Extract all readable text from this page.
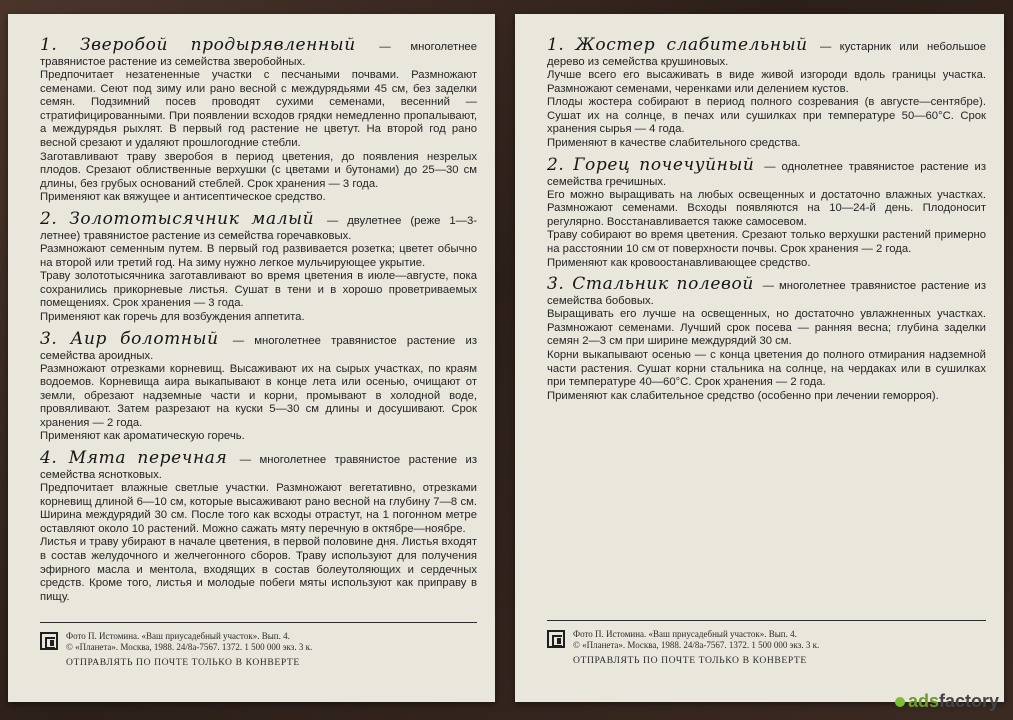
1. Зверобой продырявленный — многолетнее травянистое растение из семейства зверобойных.

Предпочитает незатененные участки с песчаными почвами. Размножают семенами. Сеют под зиму или рано весной с междурядьями 45 см, без заделки семян. Подзимний посев проводят сухими семенами, весенний — стратифицированными. При появлении всходов грядки немедленно пропалывают, а междурядья рыхлят. В первый год растение не цветут. На второй год рано весной срезают и удаляют прошлогодние стебли.

Заготавливают траву зверобоя в период цветения, до появления незрелых плодов. Срезают облиственные верхушки (с цветами и бутонами) до 25—30 см длины, без грубых оснований стеблей. Срок хранения — 3 года.

Применяют как вяжущее и антисептическое средство.

2. Золототысячник малый — двулетнее (реже 1—3-летнее) травянистое растение из семейства горечавковых.

Размножают семенным путем. В первый год развивается розетка; цветет обычно на второй или третий год. На зиму нужно легкое мульчирующее укрытие.

Траву золототысячника заготавливают во время цветения в июле—августе, пока сохранились прикорневые листья. Сушат в тени и в хорошо проветриваемых помещениях. Срок хранения — 3 года.

Применяют как горечь для возбуждения аппетита.

3. Аир болотный — многолетнее травянистое растение из семейства ароидных.

Размножают отрезками корневищ. Высаживают их на сырых участках, по краям водоемов. Корневища аира выкапывают в конце лета или осенью, очищают от земли, обрезают надземные части и корни, промывают в холодной воде, провяливают. Затем разрезают на куски 5—30 см длины и досушивают. Срок хранения — 2 года.

Применяют как ароматическую горечь.

4. Мята перечная — многолетнее травянистое растение из семейства яснотковых.

Предпочитает влажные светлые участки. Размножают вегетативно, отрезками корневищ длиной 6—10 см, которые высаживают рано весной на глубину 7—8 см. Ширина междурядий 30 см. После того как всходы отрастут, на 1 погонном метре оставляют около 10 растений. Можно сажать мяту перечную в октябре—ноябре.

Листья и траву убирают в начале цветения, в первой половине дня. Листья входят в состав желудочного и желчегонного сборов. Траву используют для получения эфирного масла и ментола, входящих в состав болеутоляющих и сердечных средств. Кроме того, листья и молодые побеги мяты используют как приправу в пищу.

Фото П. Истомина. «Ваш приусадебный участок». Вып. 4.
© «Планета». Москва, 1988. 24/8а-7567. 1372. 1 500 000 экз. 3 к.
ОТПРАВЛЯТЬ ПО ПОЧТЕ ТОЛЬКО В КОНВЕРТЕ
1. Жостер слабительный — кустарник или небольшое дерево из семейства крушиновых.

Лучше всего его высаживать в виде живой изгороди вдоль границы участка. Размножают семенами, черенками или делением кустов.

Плоды жостера собирают в период полного созревания (в августе—сентябре). Сушат их на солнце, в печах или сушилках при температуре 50—60°С. Срок хранения сырья — 4 года.

Применяют в качестве слабительного средства.

2. Горец почечуйный — однолетнее травянистое растение из семейства гречишных.

Его можно выращивать на любых освещенных и достаточно влажных участках. Размножают семенами. Всходы появляются на 10—24-й день. Плодоносит регулярно. Восстанавливается также самосевом.

Траву собирают во время цветения. Срезают только верхушки растений примерно на расстоянии 10 см от поверхности почвы. Срок хранения — 2 года.

Применяют как кровоостанавливающее средство.

3. Стальник полевой — многолетнее травянистое растение из семейства бобовых.

Выращивать его лучше на освещенных, но достаточно увлажненных участках. Размножают семенами. Лучший срок посева — ранняя весна; глубина заделки семян 2—3 см при ширине междурядий 30 см.

Корни выкапывают осенью — с конца цветения до полного отмирания надземной части растения. Сушат корни стальника на солнце, на чердаках или в сушилках при температуре 40—60°С. Срок хранения — 2 года.

Применяют как слабительное средство (особенно при лечении геморроя).

Фото П. Истомина. «Ваш приусадебный участок». Вып. 4.
© «Планета». Москва, 1988. 24/8а-7567. 1372. 1 500 000 экз. 3 к.
ОТПРАВЛЯТЬ ПО ПОЧТЕ ТОЛЬКО В КОНВЕРТЕ
ads factory
